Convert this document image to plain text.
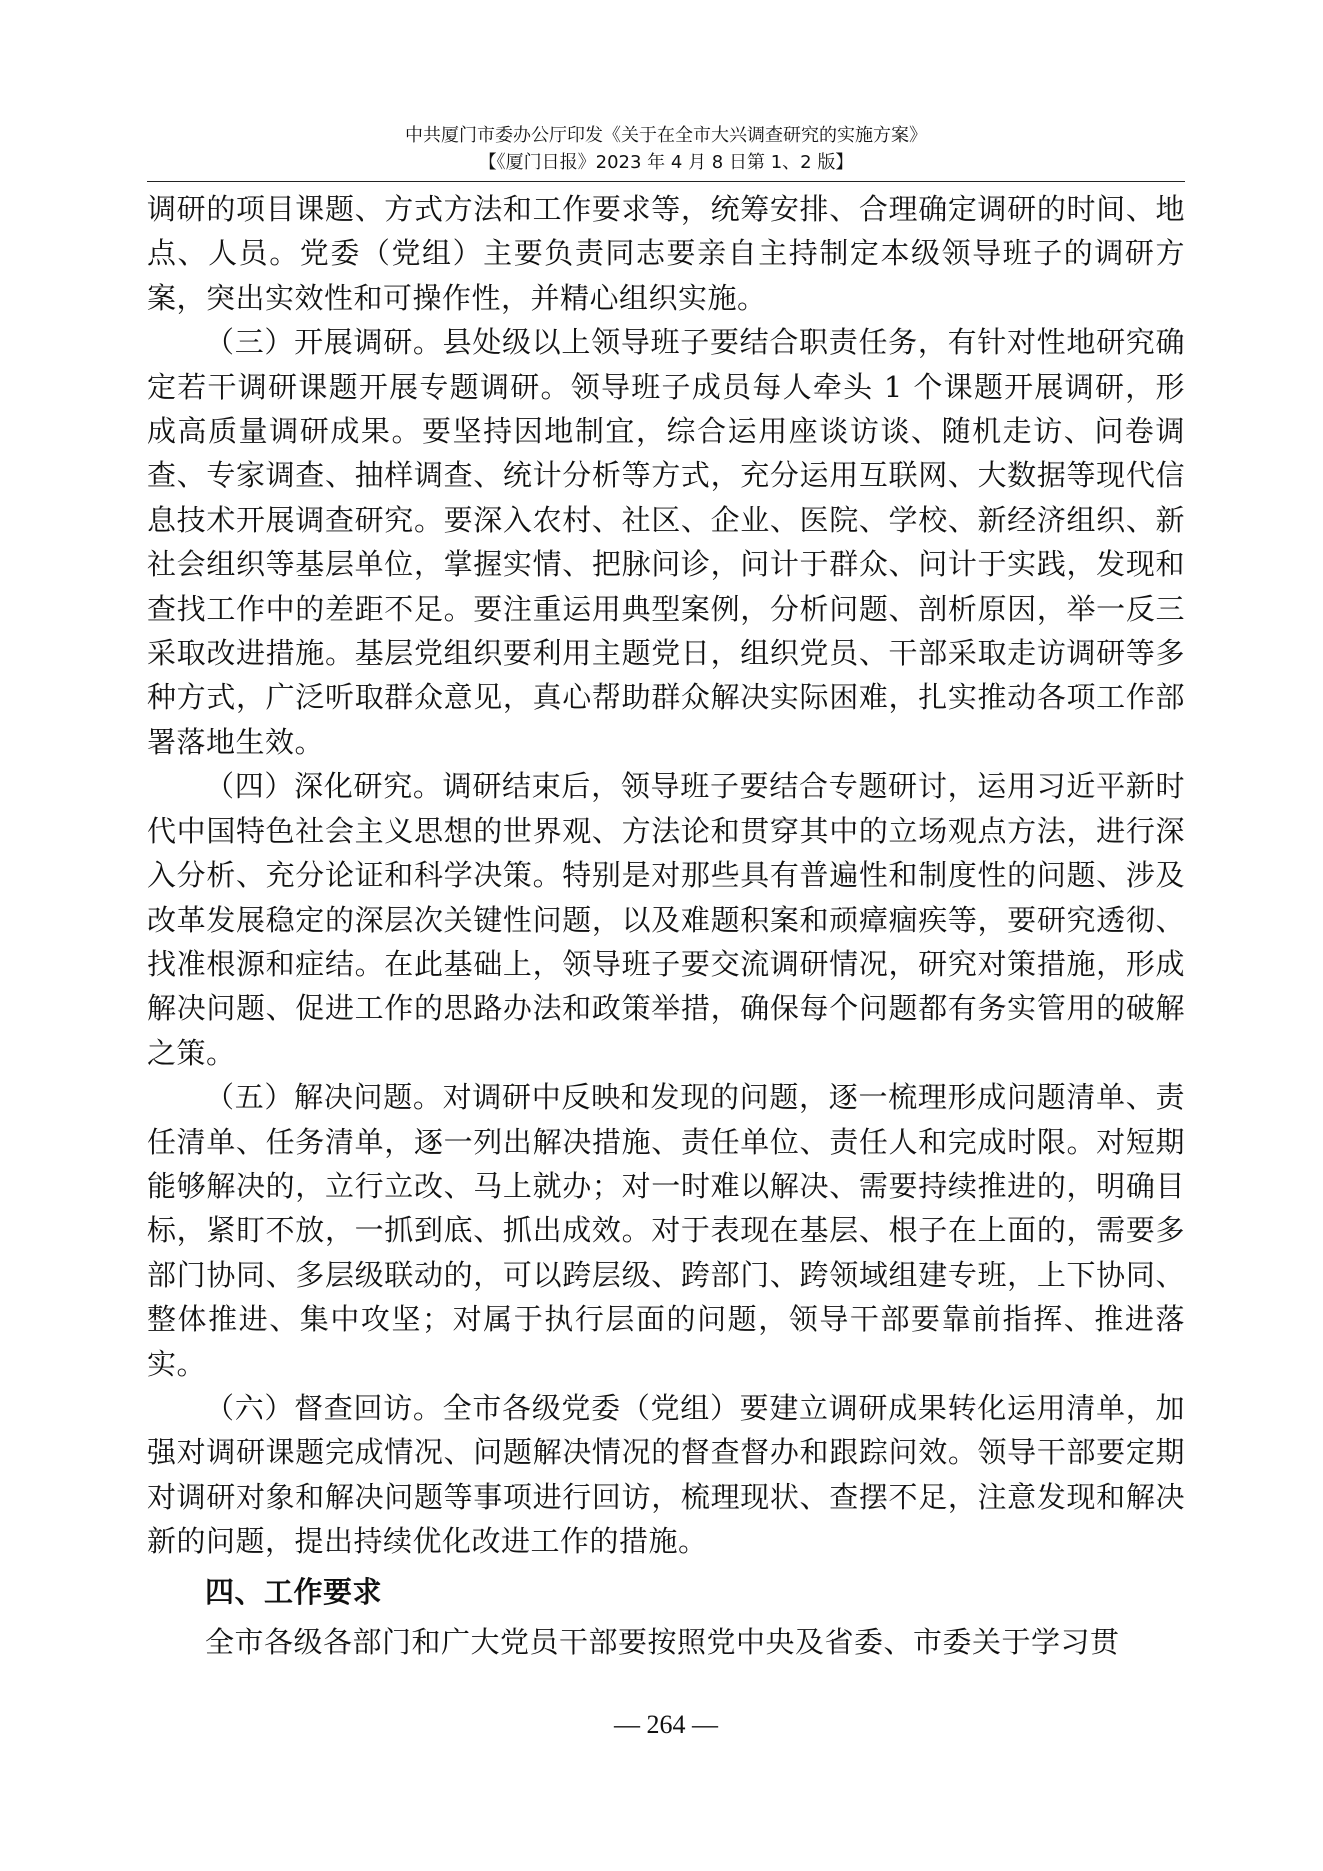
中共厦门市委办公厅印发《关于在全市大兴调查研究的实施方案》
【《厦门日报》2023 年 4 月 8 日第 1、2 版】

调研的项目课题、方式方法和工作要求等，统筹安排、合理确定调研的时间、地点、人员。党委（党组）主要负责同志要亲自主持制定本级领导班子的调研方案，突出实效性和可操作性，并精心组织实施。

（三）开展调研。县处级以上领导班子要结合职责任务，有针对性地研究确定若干调研课题开展专题调研。领导班子成员每人牵头 1 个课题开展调研，形成高质量调研成果。要坚持因地制宜，综合运用座谈访谈、随机走访、问卷调查、专家调查、抽样调查、统计分析等方式，充分运用互联网、大数据等现代信息技术开展调查研究。要深入农村、社区、企业、医院、学校、新经济组织、新社会组织等基层单位，掌握实情、把脉问诊，问计于群众、问计于实践，发现和查找工作中的差距不足。要注重运用典型案例，分析问题、剖析原因，举一反三采取改进措施。基层党组织要利用主题党日，组织党员、干部采取走访调研等多种方式，广泛听取群众意见，真心帮助群众解决实际困难，扎实推动各项工作部署落地生效。

（四）深化研究。调研结束后，领导班子要结合专题研讨，运用习近平新时代中国特色社会主义思想的世界观、方法论和贯穿其中的立场观点方法，进行深入分析、充分论证和科学决策。特别是对那些具有普遍性和制度性的问题、涉及改革发展稳定的深层次关键性问题，以及难题积案和顽瘴痼疾等，要研究透彻、找准根源和症结。在此基础上，领导班子要交流调研情况，研究对策措施，形成解决问题、促进工作的思路办法和政策举措，确保每个问题都有务实管用的破解之策。

（五）解决问题。对调研中反映和发现的问题，逐一梳理形成问题清单、责任清单、任务清单，逐一列出解决措施、责任单位、责任人和完成时限。对短期能够解决的，立行立改、马上就办；对一时难以解决、需要持续推进的，明确目标，紧盯不放，一抓到底、抓出成效。对于表现在基层、根子在上面的，需要多部门协同、多层级联动的，可以跨层级、跨部门、跨领域组建专班，上下协同、整体推进、集中攻坚；对属于执行层面的问题，领导干部要靠前指挥、推进落实。

（六）督查回访。全市各级党委（党组）要建立调研成果转化运用清单，加强对调研课题完成情况、问题解决情况的督查督办和跟踪问效。领导干部要定期对调研对象和解决问题等事项进行回访，梳理现状、查摆不足，注意发现和解决新的问题，提出持续优化改进工作的措施。

四、工作要求

全市各级各部门和广大党员干部要按照党中央及省委、市委关于学习贯

— 264 —
